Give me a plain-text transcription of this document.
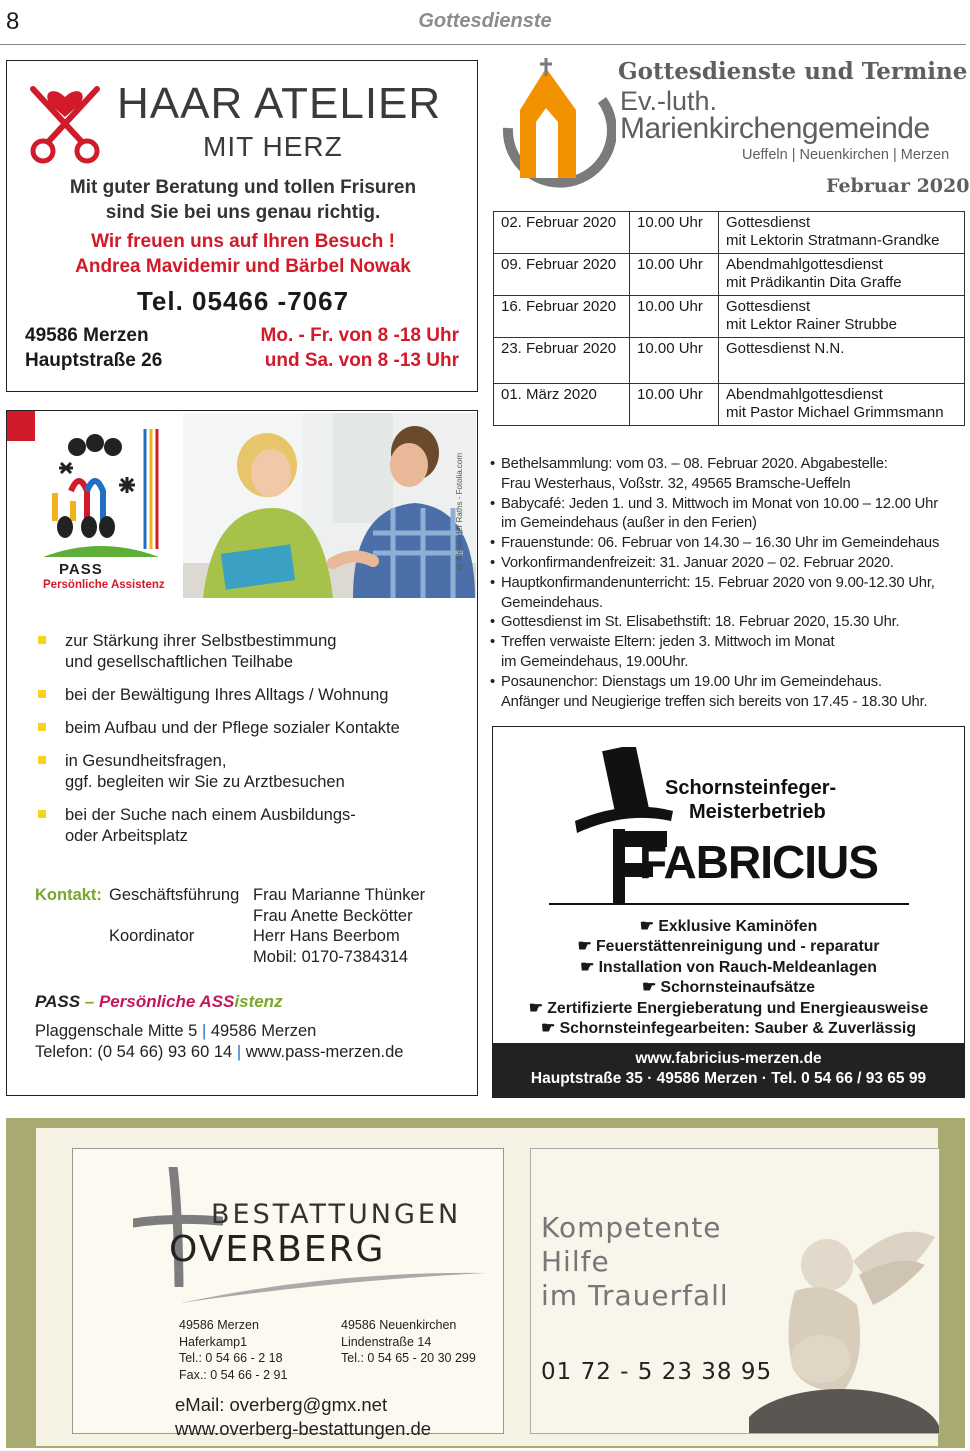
8	Gottesdienste
HAAR ATELIER
MIT HERZ
Mit guter Beratung und tollen Frisuren
sind Sie bei uns genau richtig.
Wir freuen uns auf Ihren Besuch !
Andrea Mavidemir und Bärbel Nowak
Tel. 05466 -7067
49586 Merzen
Hauptstraße 26
Mo. - Fr. von 8 -18 Uhr
und Sa. von 8 -13 Uhr
PASS
Persönliche Assistenz
© Alexander Raths - Fotolia.com
zur Stärkung ihrer Selbstbestimmung
und gesellschaftlichen Teilhabe
bei der Bewältigung Ihres Alltags / Wohnung
beim Aufbau und der Pflege sozialer Kontakte
in Gesundheitsfragen,
ggf. begleiten wir Sie zu Arztbesuchen
bei der Suche nach einem Ausbildungs-
oder Arbeitsplatz
Kontakt: Geschäftsführung Frau Marianne Thünker
Frau Anette Beckötter
Koordinator	Herr Hans Beerbom
Mobil: 0170-7384314
PASS – Persönliche ASSistenz
Plaggenschale Mitte 5 | 49586 Merzen
Telefon: (0 54 66) 93 60 14 | www.pass-merzen.de
Gottesdienste und Termine
Ev.-luth.
Marienkirchengemeinde
Ueffeln | Neuenkirchen | Merzen
Februar 2020
02. Februar 2020	10.00 Uhr	Gottesdienst
mit Lektorin Stratmann-Grandke
09. Februar 2020	10.00 Uhr	Abendmahlgottesdienst
mit Prädikantin Dita Graffe
16. Februar 2020	10.00 Uhr	Gottesdienst
mit Lektor Rainer Strubbe
23. Februar 2020	10.00 Uhr	Gottesdienst N.N.
01. März 2020	10.00 Uhr	Abendmahlgottesdienst
mit Pastor Michael Grimmsmann
• Bethelsammlung: vom 03. – 08. Februar 2020. Abgabestelle:
Frau Westerhaus, Voßstr. 32, 49565 Bramsche-Ueffeln
• Babycafé: Jeden 1. und 3. Mittwoch im Monat von 10.00 – 12.00 Uhr
im Gemeindehaus (außer in den Ferien)
• Frauenstunde: 06. Februar von 14.30 – 16.30 Uhr im Gemeindehaus
• Vorkonfirmandenfreizeit: 31. Januar 2020 – 02. Februar 2020.
• Hauptkonfirmandenunterricht: 15. Februar 2020 von 9.00-12.30 Uhr,
Gemeindehaus.
• Gottesdienst im St. Elisabethstift: 18. Februar 2020, 15.30 Uhr.
• Treffen verwaiste Eltern: jeden 3. Mittwoch im Monat
im Gemeindehaus, 19.00Uhr.
• Posaunenchor: Dienstags um 19.00 Uhr im Gemeindehaus.
Anfänger und Neugierige treffen sich bereits von 17.45 - 18.30 Uhr.
Schornsteinfeger-
Meisterbetrieb
FABRICIUS
☛ Exklusive Kaminöfen
☛ Feuerstättenreinigung und - reparatur
☛ Installation von Rauch-Meldeanlagen
☛ Schornsteinaufsätze
☛ Zertifizierte Energieberatung und Energieausweise
☛ Schornsteinfegearbeiten: Sauber & Zuverlässig
www.fabricius-merzen.de
Hauptstraße 35 · 49586 Merzen · Tel. 0 54 66 / 93 65 99
BESTATTUNGEN
OVERBERG
49586 Merzen
Haferkamp1
Tel.: 0 54 66 - 2 18
Fax.: 0 54 66 - 2 91
49586 Neuenkirchen
Lindenstraße 14
Tel.: 0 54 65 - 20 30 299
eMail: overberg@gmx.net
www.overberg-bestattungen.de
Kompetente
Hilfe
im Trauerfall
01 72 - 5 23 38 95
